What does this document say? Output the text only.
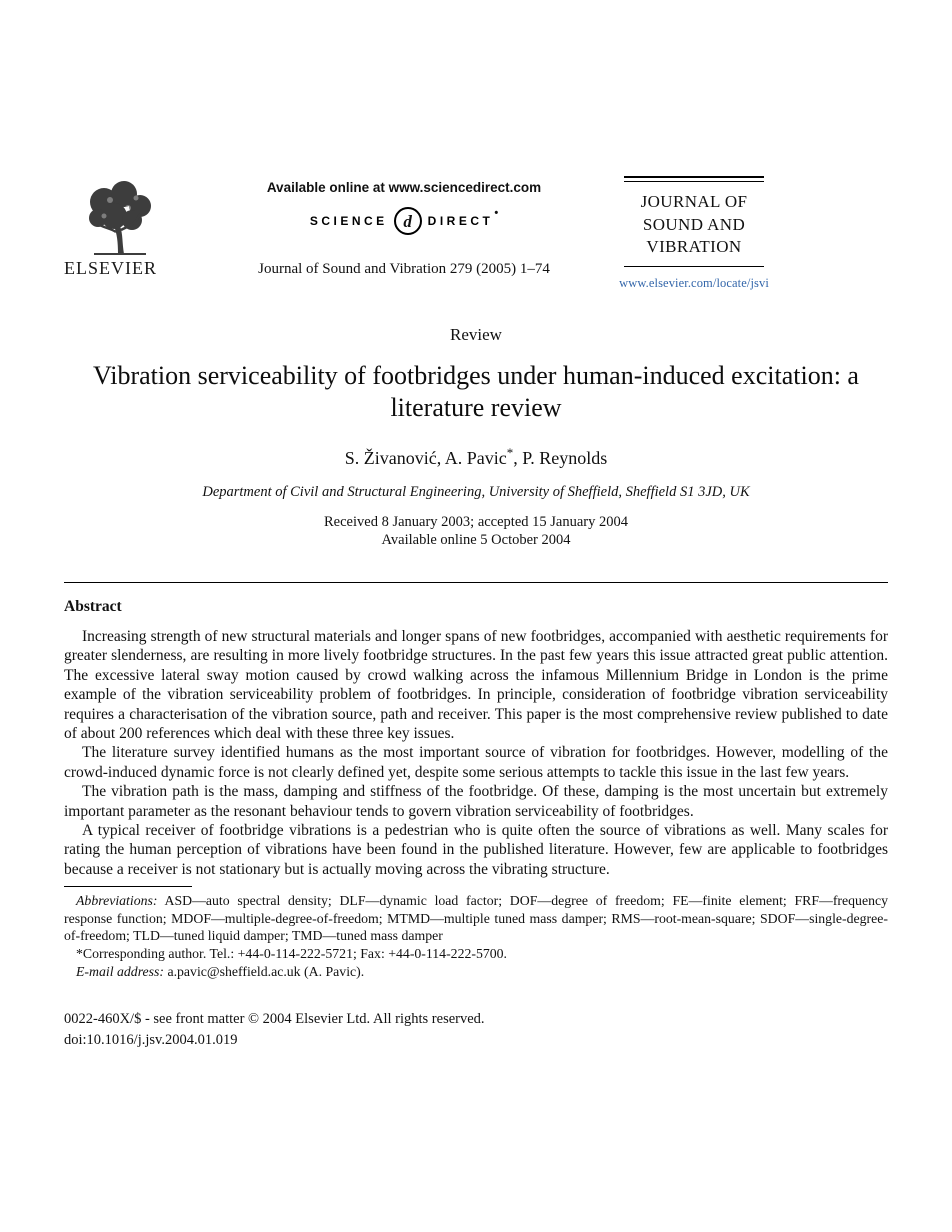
ELSEVIER
Available online at www.sciencedirect.com
SCIENCE d	DIRECT
•
Journal of Sound and Vibration 279 (2005) 1–74
JOURNAL OF
SOUND AND
VIBRATION
www.elsevier.com/locate/jsvi
Review
Vibration serviceability of footbridges under human-induced excitation: a literature review
S. Živanović, A. Pavic*, P. Reynolds
Department of Civil and Structural Engineering, University of Sheffield, Sheffield S1 3JD, UK
Received 8 January 2003; accepted 15 January 2004
Available online 5 October 2004
Abstract

Increasing strength of new structural materials and longer spans of new footbridges, accompanied with aesthetic requirements for greater slenderness, are resulting in more lively footbridge structures. In the past few years this issue attracted great public attention. The excessive lateral sway motion caused by crowd walking across the infamous Millennium Bridge in London is the prime example of the vibration serviceability problem of footbridges. In principle, consideration of footbridge vibration serviceability requires a characterisation of the vibration source, path and receiver. This paper is the most comprehensive review published to date of about 200 references which deal with these three key issues.

The literature survey identified humans as the most important source of vibration for footbridges. However, modelling of the crowd-induced dynamic force is not clearly defined yet, despite some serious attempts to tackle this issue in the last few years.

The vibration path is the mass, damping and stiffness of the footbridge. Of these, damping is the most uncertain but extremely important parameter as the resonant behaviour tends to govern vibration serviceability of footbridges.

A typical receiver of footbridge vibrations is a pedestrian who is quite often the source of vibrations as well. Many scales for rating the human perception of vibrations have been found in the published literature. However, few are applicable to footbridges because a receiver is not stationary but is actually moving across the vibrating structure.

Abbreviations: ASD—auto spectral density; DLF—dynamic load factor; DOF—degree of freedom; FE—finite element; FRF—frequency response function; MDOF—multiple-degree-of-freedom; MTMD—multiple tuned mass damper; RMS—root-mean-square; SDOF—single-degree-of-freedom; TLD—tuned liquid damper; TMD—tuned mass damper

*Corresponding author. Tel.: +44-0-114-222-5721; Fax: +44-0-114-222-5700.

E-mail address: a.pavic@sheffield.ac.uk (A. Pavic).

0022-460X/$ - see front matter © 2004 Elsevier Ltd. All rights reserved.
doi:10.1016/j.jsv.2004.01.019
